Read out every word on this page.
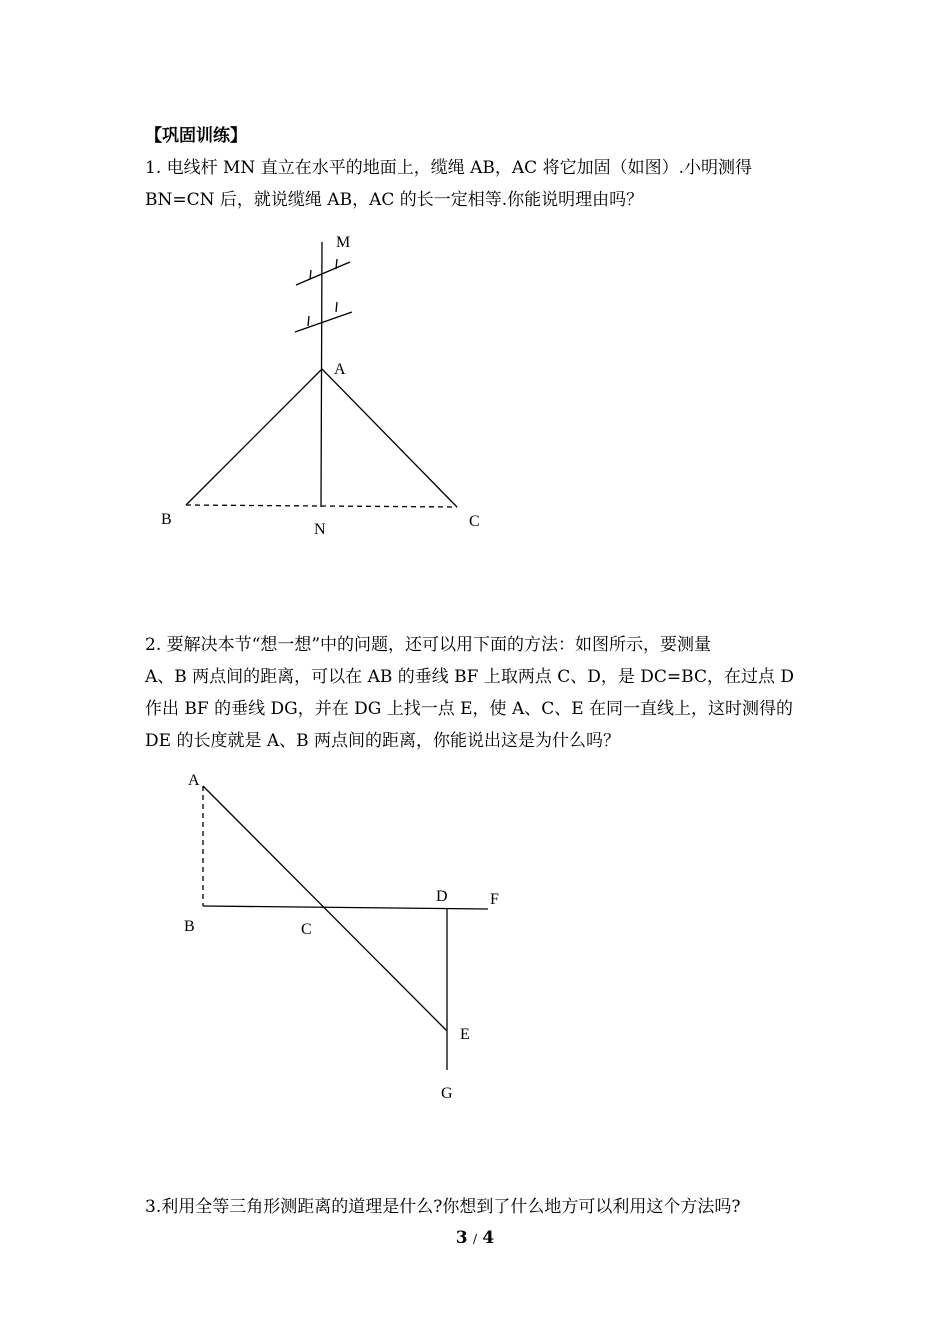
【巩固训练】
1. 电线杆 MN 直立在水平的地面上，缆绳 AB，AC 将它加固（如图）.小明测得
BN=CN 后，就说缆绳 AB，AC 的长一定相等.你能说明理由吗？
M
A
B
N	C
A
B	C
D	F
E
G
2. 要解决本节“想一想”中的问题，还可以用下面的方法：如图所示，要测量
A、B 两点间的距离，可以在 AB 的垂线 BF 上取两点 C、D，是 DC=BC，在过点 D
作出 BF 的垂线 DG，并在 DG 上找一点 E，使 A、C、E 在同一直线上，这时测得的
DE 的长度就是 A、B 两点间的距离，你能说出这是为什么吗？
3.利用全等三角形测距离的道理是什么?你想到了什么地方可以利用这个方法吗?
3 / 4
